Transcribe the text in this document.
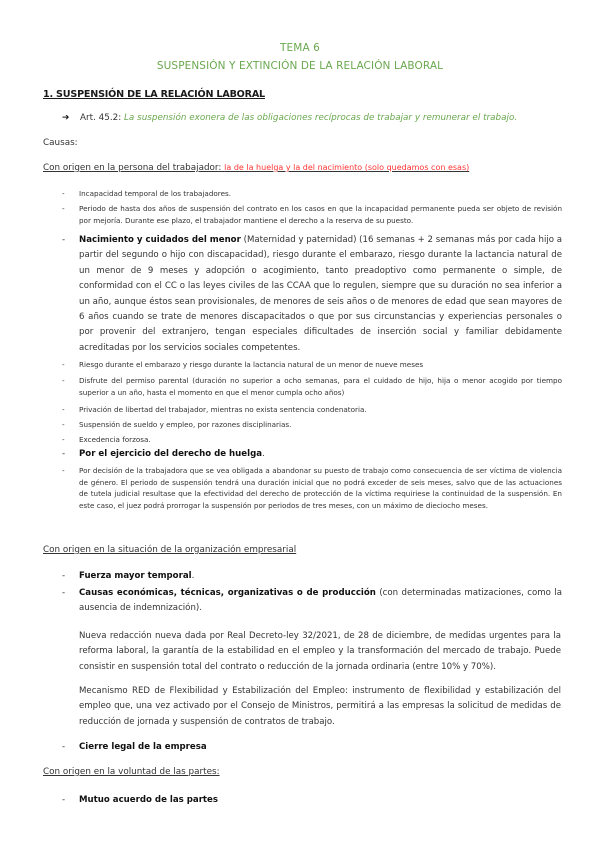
TEMA 6
SUSPENSIÓN Y EXTINCIÓN DE LA RELACIÓN LABORAL
1. SUSPENSIÓN DE LA RELACIÓN LABORAL
➔ Art. 45.2: La suspensión exonera de las obligaciones recíprocas de trabajar y remunerar el trabajo.
Causas:
Con origen en la persona del trabajador: la de la huelga y la del nacimiento (solo quedamos con esas)
-	Incapacidad temporal de los trabajadores.
-	Periodo de hasta dos años de suspensión del contrato en los casos en que la incapacidad permanente pueda ser objeto de revisión por mejoría. Durante ese plazo, el trabajador mantiene el derecho a la reserva de su puesto.
-	Nacimiento y cuidados del menor (Maternidad y paternidad) (16 semanas + 2 semanas más por cada hijo a partir del segundo o hijo con discapacidad), riesgo durante el embarazo, riesgo durante la lactancia natural de un menor de 9 meses y adopción o acogimiento, tanto preadoptivo como permanente o simple, de conformidad con el CC o las leyes civiles de las CCAA que lo regulen, siempre que su duración no sea inferior a un año, aunque éstos sean provisionales, de menores de seis años o de menores de edad que sean mayores de 6 años cuando se trate de menores discapacitados o que por sus circunstancias y experiencias personales o por provenir del extranjero, tengan especiales dificultades de inserción social y familiar debidamente acreditadas por los servicios sociales competentes.
-	Riesgo durante el embarazo y riesgo durante la lactancia natural de un menor de nueve meses
-	Disfrute del permiso parental (duración no superior a ocho semanas, para el cuidado de hijo, hija o menor acogido por tiempo superior a un año, hasta el momento en que el menor cumpla ocho años)
-	Privación de libertad del trabajador, mientras no exista sentencia condenatoria.
-	Suspensión de sueldo y empleo, por razones disciplinarias.
-	Excedencia forzosa.
-	Por el ejercicio del derecho de huelga.
-	Por decisión de la trabajadora que se vea obligada a abandonar su puesto de trabajo como consecuencia de ser víctima de violencia de género. El periodo de suspensión tendrá una duración inicial que no podrá exceder de seis meses, salvo que de las actuaciones de tutela judicial resultase que la efectividad del derecho de protección de la víctima requiriese la continuidad de la suspensión. En este caso, el juez podrá prorrogar la suspensión por periodos de tres meses, con un máximo de dieciocho meses.
Con origen en la situación de la organización empresarial
-	Fuerza mayor temporal.
-	Causas económicas, técnicas, organizativas o de producción (con determinadas matizaciones, como la ausencia de indemnización).
Nueva redacción nueva dada por Real Decreto-ley 32/2021, de 28 de diciembre, de medidas urgentes para la reforma laboral, la garantía de la estabilidad en el empleo y la transformación del mercado de trabajo. Puede consistir en suspensión total del contrato o reducción de la jornada ordinaria (entre 10% y 70%).
Mecanismo RED de Flexibilidad y Estabilización del Empleo: instrumento de flexibilidad y estabilización del empleo que, una vez activado por el Consejo de Ministros, permitirá a las empresas la solicitud de medidas de reducción de jornada y suspensión de contratos de trabajo.
-	Cierre legal de la empresa
Con origen en la voluntad de las partes:
-	Mutuo acuerdo de las partes
